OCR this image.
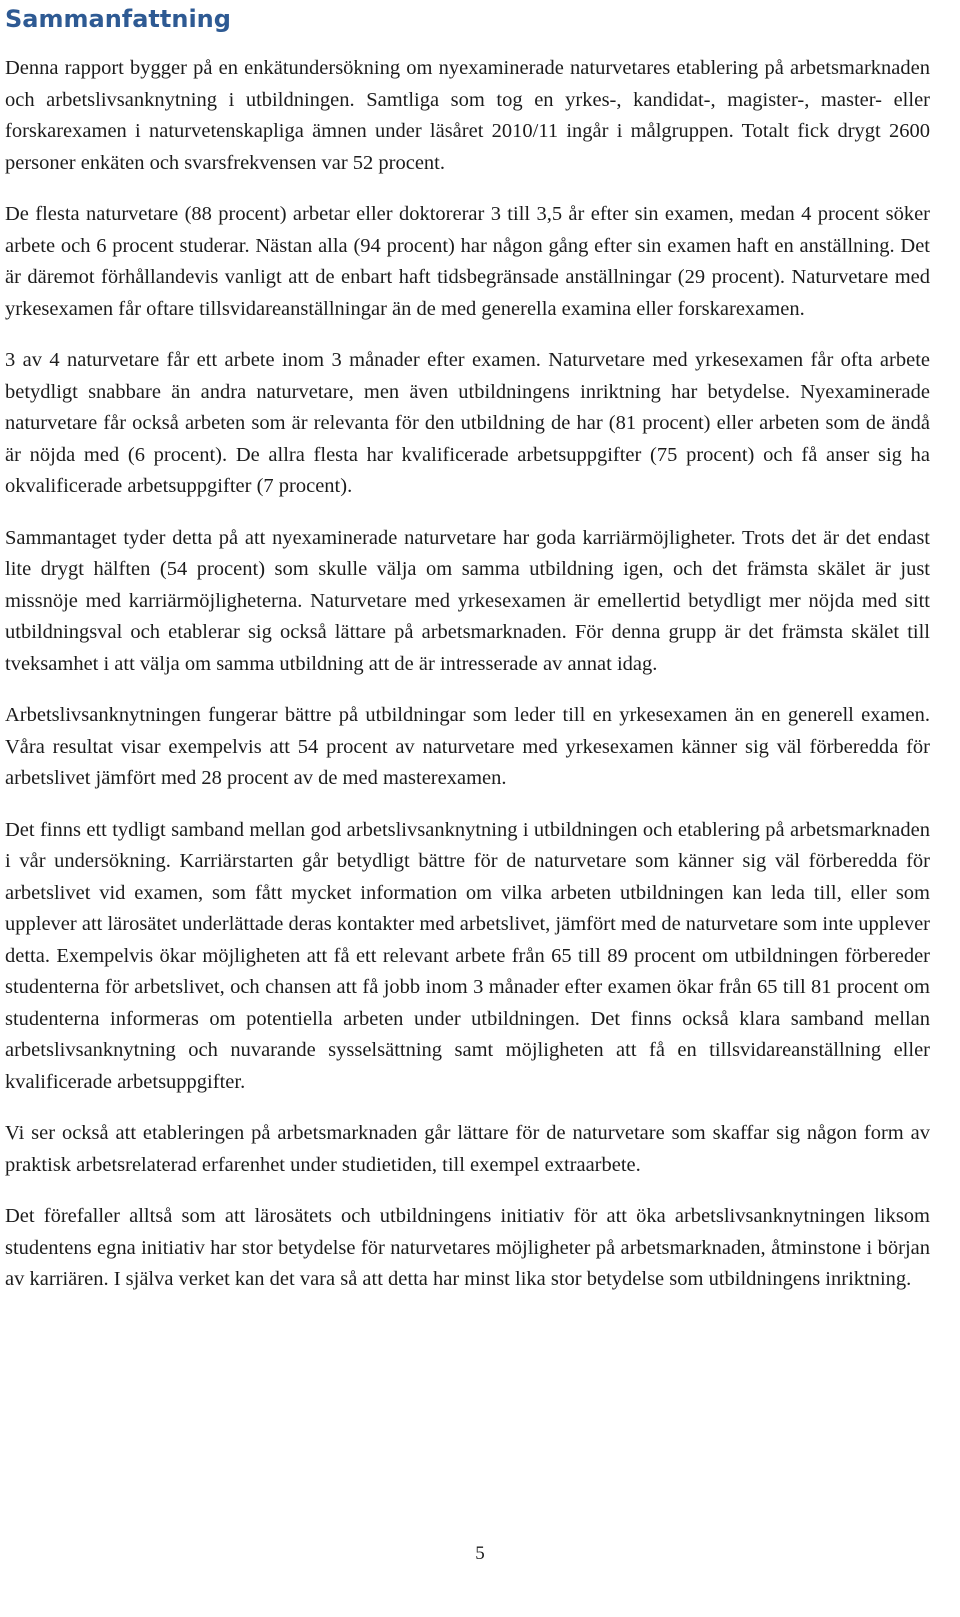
Sammanfattning

Denna rapport bygger på en enkätundersökning om nyexaminerade naturvetares etablering på arbetsmarknaden och arbetslivsanknytning i utbildningen. Samtliga som tog en yrkes-, kandidat-, magister-, master- eller forskarexamen i naturvetenskapliga ämnen under läsåret 2010/11 ingår i målgruppen. Totalt fick drygt 2600 personer enkäten och svarsfrekvensen var 52 procent.

De flesta naturvetare (88 procent) arbetar eller doktorerar 3 till 3,5 år efter sin examen, medan 4 procent söker arbete och 6 procent studerar. Nästan alla (94 procent) har någon gång efter sin examen haft en anställning. Det är däremot förhållandevis vanligt att de enbart haft tidsbegränsade anställningar (29 procent). Naturvetare med yrkesexamen får oftare tillsvidareanställningar än de med generella examina eller forskarexamen.

3 av 4 naturvetare får ett arbete inom 3 månader efter examen. Naturvetare med yrkesexamen får ofta arbete betydligt snabbare än andra naturvetare, men även utbildningens inriktning har betydelse. Nyexaminerade naturvetare får också arbeten som är relevanta för den utbildning de har (81 procent) eller arbeten som de ändå är nöjda med (6 procent). De allra flesta har kvalificerade arbetsuppgifter (75 procent) och få anser sig ha okvalificerade arbetsuppgifter (7 procent).

Sammantaget tyder detta på att nyexaminerade naturvetare har goda karriärmöjligheter. Trots det är det endast lite drygt hälften (54 procent) som skulle välja om samma utbildning igen, och det främsta skälet är just missnöje med karriärmöjligheterna. Naturvetare med yrkesexamen är emellertid betydligt mer nöjda med sitt utbildningsval och etablerar sig också lättare på arbetsmarknaden. För denna grupp är det främsta skälet till tveksamhet i att välja om samma utbildning att de är intresserade av annat idag.

Arbetslivsanknytningen fungerar bättre på utbildningar som leder till en yrkesexamen än en generell examen. Våra resultat visar exempelvis att 54 procent av naturvetare med yrkesexamen känner sig väl förberedda för arbetslivet jämfört med 28 procent av de med masterexamen.

Det finns ett tydligt samband mellan god arbetslivsanknytning i utbildningen och etablering på arbetsmarknaden i vår undersökning. Karriärstarten går betydligt bättre för de naturvetare som känner sig väl förberedda för arbetslivet vid examen, som fått mycket information om vilka arbeten utbildningen kan leda till, eller som upplever att lärosätet underlättade deras kontakter med arbetslivet, jämfört med de naturvetare som inte upplever detta. Exempelvis ökar möjligheten att få ett relevant arbete från 65 till 89 procent om utbildningen förbereder studenterna för arbetslivet, och chansen att få jobb inom 3 månader efter examen ökar från 65 till 81 procent om studenterna informeras om potentiella arbeten under utbildningen. Det finns också klara samband mellan arbetslivsanknytning och nuvarande sysselsättning samt möjligheten att få en tillsvidareanställning eller kvalificerade arbetsuppgifter.

Vi ser också att etableringen på arbetsmarknaden går lättare för de naturvetare som skaffar sig någon form av praktisk arbetsrelaterad erfarenhet under studietiden, till exempel extraarbete.

Det förefaller alltså som att lärosätets och utbildningens initiativ för att öka arbetslivsanknytningen liksom studentens egna initiativ har stor betydelse för naturvetares möjligheter på arbetsmarknaden, åtminstone i början av karriären. I själva verket kan det vara så att detta har minst lika stor betydelse som utbildningens inriktning.

5
